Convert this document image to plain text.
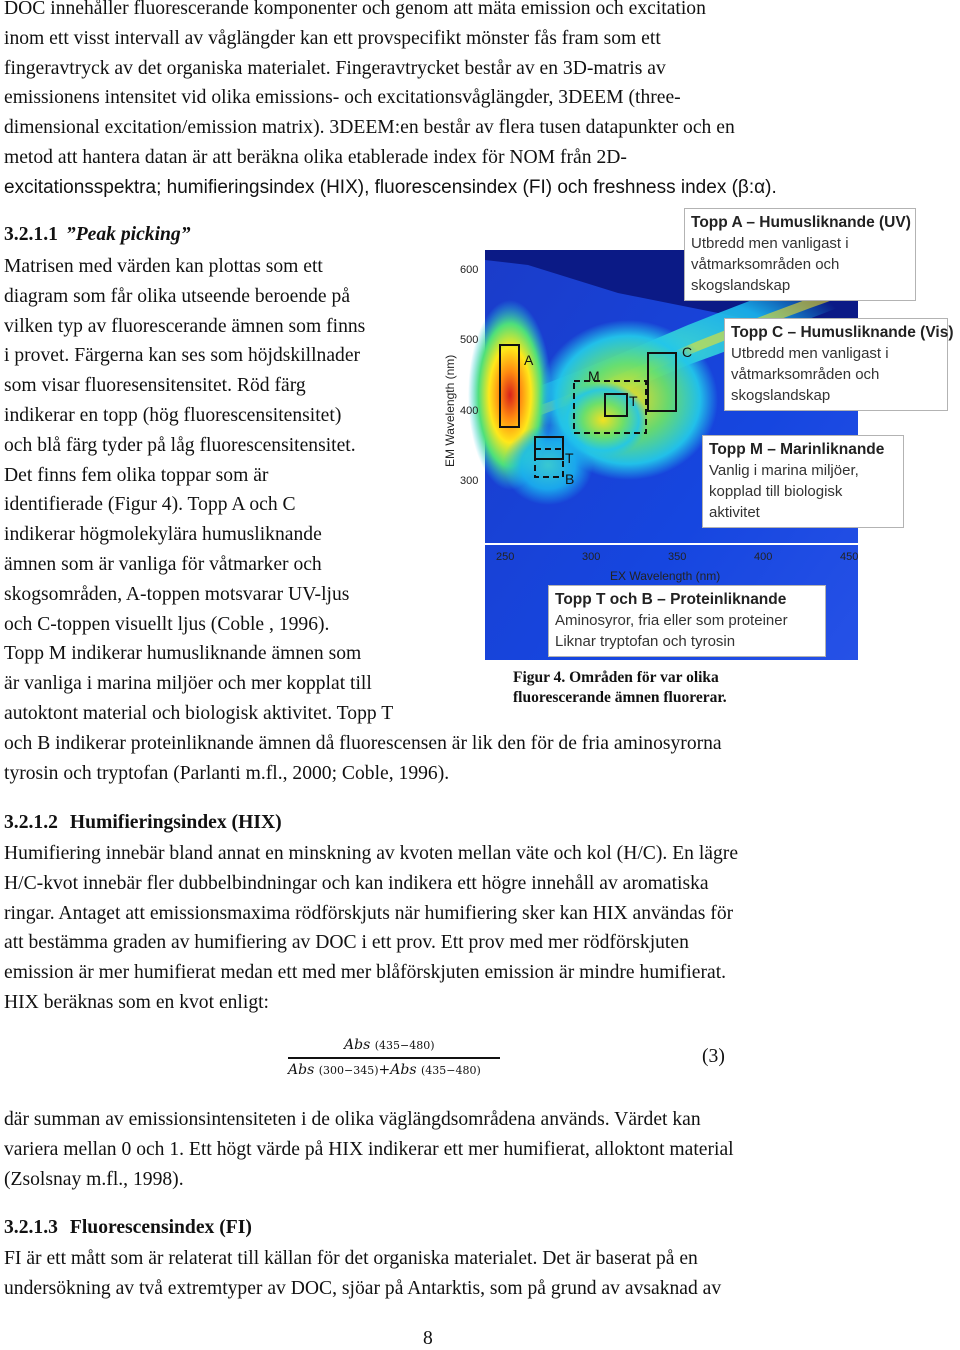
DOC innehåller fluorescerande komponenter och genom att mäta emission och excitation
inom ett visst intervall av våglängder kan ett provspecifikt mönster fås fram som ett
fingeravtryck av det organiska materialet. Fingeravtrycket består av en 3D-matris av
emissionens intensitet vid olika emissions- och excitationsvåglängder, 3DEEM (three-
dimensional excitation/emission matrix). 3DEEM:en består av flera tusen datapunkter och en
metod att hantera datan är att beräkna olika etablerade index för NOM från 2D-
excitationsspektra; humifieringsindex (HIX), fluorescensindex (FI) och freshness index (β:α).
3.2.1.1 ”Peak picking”
Matrisen med värden kan plottas som ett
diagram som får olika utseende beroende på
vilken typ av fluorescerande ämnen som finns
i provet. Färgerna kan ses som höjdskillnader
som visar fluoresensitensitet. Röd färg
indikerar en topp (hög fluorescensitensitet)
och blå färg tyder på låg fluorescensitensitet.
Det finns fem olika toppar som är
identifierade (Figur 4). Topp A och C
indikerar högmolekylära humusliknande
ämnen som är vanliga för våtmarker och
skogsområden, A-toppen motsvarar UV-ljus
och C-toppen visuellt ljus (Coble , 1996).
Topp M indikerar humusliknande ämnen som
är vanliga i marina miljöer och mer kopplat till
autoktont material och biologisk aktivitet. Topp T
och B indikerar proteinliknande ämnen då fluorescensen är lik den för de fria aminosyrorna
tyrosin och tryptofan (Parlanti m.fl., 2000; Coble, 1996).
A	C
M
T
T
B
600
500
400
300
250	300	350	400	450
EX Wavelength (nm)
EM Wavelength (nm)
Topp A – Humusliknande (UV)
Utbredd men vanligast i
våtmarksområden och
skogslandskap
Topp C – Humusliknande (Vis)
Utbredd men vanligast i
våtmarksområden och
skogslandskap
Topp M – Marinliknande
Vanlig i marina miljöer,
kopplad till biologisk
aktivitet
Topp T och B – Proteinliknande
Aminosyror, fria eller som proteiner
Liknar tryptofan och tyrosin
Figur 4. Områden för var olika
fluorescerande ämnen fluorerar.
3.2.1.2 Humifieringsindex (HIX)
Humifiering innebär bland annat en minskning av kvoten mellan väte och kol (H/C). En lägre
H/C-kvot innebär fler dubbelbindningar och kan indikera ett högre innehåll av aromatiska
ringar. Antaget att emissionsmaxima rödförskjuts när humifiering sker kan HIX användas för
att bestämma graden av humifiering av DOC i ett prov. Ett prov med mer rödförskjuten
emission är mer humifierat medan ett med mer blåförskjuten emission är mindre humifierat.
HIX beräknas som en kvot enligt:
Abs (435−480)
Abs (300−345)+Abs (435−480)
(3)
där summan av emissionsintensiteten i de olika väglängdsområdena används. Värdet kan
variera mellan 0 och 1. Ett högt värde på HIX indikerar ett mer humifierat, alloktont material
(Zsolsnay m.fl., 1998).
3.2.1.3 Fluorescensindex (FI)
FI är ett mått som är relaterat till källan för det organiska materialet. Det är baserat på en
undersökning av två extremtyper av DOC, sjöar på Antarktis, som på grund av avsaknad av
8
